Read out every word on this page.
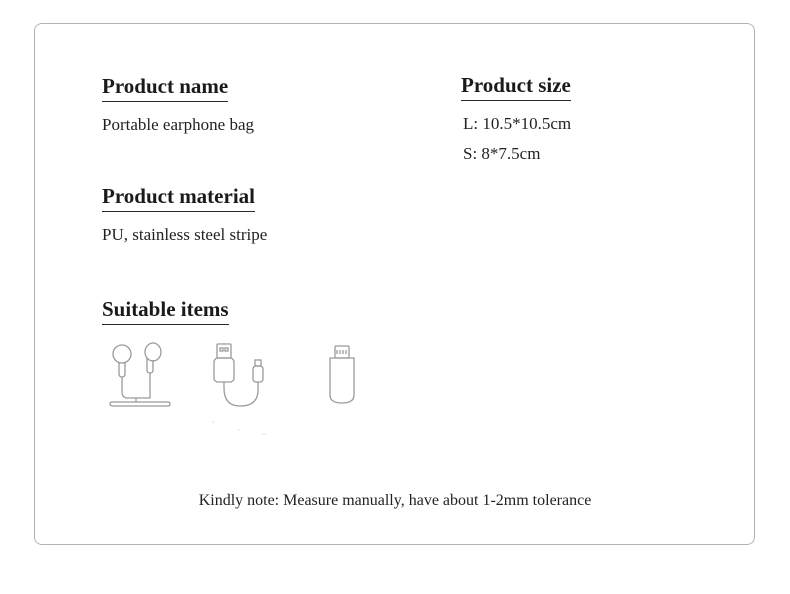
Product name

Portable earphone bag

Product size

L: 10.5*10.5cm

S: 8*7.5cm

Product material

PU, stainless steel stripe

Suitable items

Kindly note: Measure manually, have about 1-2mm tolerance
